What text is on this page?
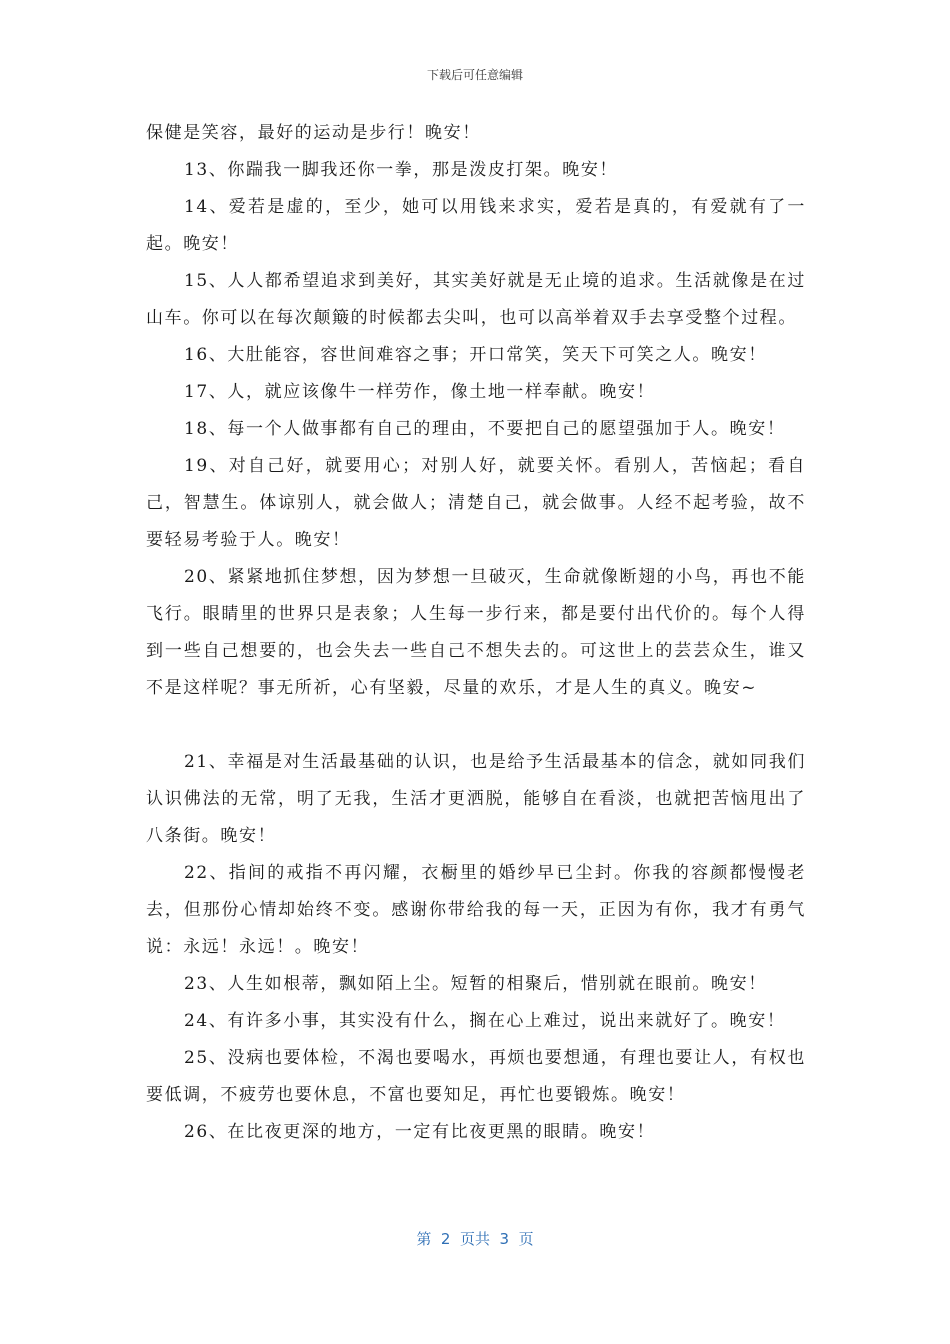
下载后可任意编辑

保健是笑容，最好的运动是步行！晚安！

13、你踹我一脚我还你一拳，那是泼皮打架。晚安！

14、爱若是虚的，至少，她可以用钱来求实，爱若是真的，有爱就有了一起。晚安！

15、人人都希望追求到美好，其实美好就是无止境的追求。生活就像是在过山车。你可以在每次颠簸的时候都去尖叫，也可以高举着双手去享受整个过程。

16、大肚能容，容世间难容之事；开口常笑，笑天下可笑之人。晚安！

17、人，就应该像牛一样劳作，像土地一样奉献。晚安！

18、每一个人做事都有自己的理由，不要把自己的愿望强加于人。晚安！

19、对自己好，就要用心；对别人好，就要关怀。看别人，苦恼起；看自己，智慧生。体谅别人，就会做人；清楚自己，就会做事。人经不起考验，故不要轻易考验于人。晚安！

20、紧紧地抓住梦想，因为梦想一旦破灭，生命就像断翅的小鸟，再也不能飞行。眼睛里的世界只是表象；人生每一步行来，都是要付出代价的。每个人得到一些自己想要的，也会失去一些自己不想失去的。可这世上的芸芸众生，谁又不是这样呢？事无所祈，心有坚毅，尽量的欢乐，才是人生的真义。晚安~

21、幸福是对生活最基础的认识，也是给予生活最基本的信念，就如同我们认识佛法的无常，明了无我，生活才更洒脱，能够自在看淡，也就把苦恼甩出了八条街。晚安！

22、指间的戒指不再闪耀，衣橱里的婚纱早已尘封。你我的容颜都慢慢老去，但那份心情却始终不变。感谢你带给我的每一天，正因为有你，我才有勇气说：永远！永远！。晚安！

23、人生如根蒂，飘如陌上尘。短暂的相聚后，惜别就在眼前。晚安！

24、有许多小事，其实没有什么，搁在心上难过，说出来就好了。晚安！

25、没病也要体检，不渴也要喝水，再烦也要想通，有理也要让人，有权也要低调，不疲劳也要休息，不富也要知足，再忙也要锻炼。晚安！

26、在比夜更深的地方，一定有比夜更黑的眼睛。晚安！

第  2  页共  3  页
